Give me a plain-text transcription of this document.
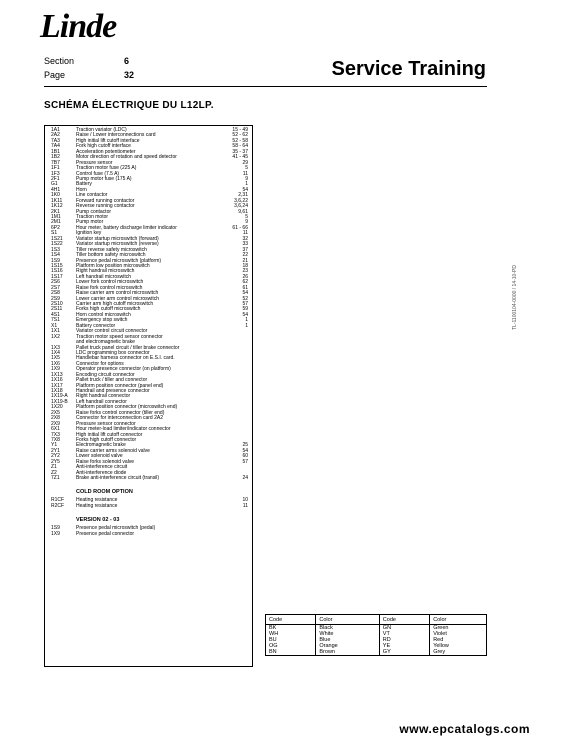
Linde
Section	6
Page	32	Service Training
SCHÉMA ÉLECTRIQUE DU L12LP.
1A1	Traction variator (LDC)	15 - 49
2A2	Raise / Lower interconnections card	52 - 62
7A3	High initial lift cutoff interface	52 - 58
7A4	Fork high cutoff interface	58 - 64
1B1	Acceleration potentiometer	35 - 37
1B2	Motor direction of rotation and speed detector	41 - 45
7B7	Pressure sensor	29
1F1	Traction motor fuse (225 A)	5
1F3	Control fuse (7.5 A)	11
2F1	Pump motor fuse (175 A)	9
G1	Battery	1
4H1	Horn	54
1K0	Line contactor	2,31
1K11	Forward running contactor	3,6,22
1K12	Reverse running contactor	3,6,24
2K1	Pump contactor	9,61
1M1	Traction motor	5
2M1	Pump motor	9
6P2	Hour meter, battery discharge limiter indicator	61 - 66
S1	Ignition key	11
1S21	Variator startup microswitch (forward)	32
1S22	Variator startup microswitch (reverse)	33
1S3	Tiller reverse safety microswitch	37
1S4	Tiller bottom safety microswitch	22
1S9	Presence pedal microswitch (platform)	21
1S15	Platform low position microswitch	18
1S16	Right handrail microswitch	23
1S17	Left handrail microswitch	26
2S6	Lower fork control microswitch	62
2S7	Raise fork control microswitch	61
2S8	Raise carrier arm control microswitch	54
2S9	Lower carrier arm control microswitch	52
2S10	Carrier arm high cutoff microswitch	57
2S11	Forks high cutoff microswitch	59
4S1	Horn control microswitch	54
7S1	Emergency stop switch	1
X1	Battery connector	1
1X1	Variator control circuit connector
1X2	Traction motor speed sensor connector
and electromagnetic brake
1X3	Pallet truck panel circuit / tiller brake connector
1X4	LDC programming box connector
1X5	Handlebar harness connector on E.S.I. card.
1X6	Connector for options
1X9	Operator presence connector (on platform)
1X13	Encoding circuit connector
1X16	Pallet truck / tiller and connector
1X17	Platform position connector (panel end)
1X18	Handrail and presence connector
1X19-A Right handrail connector
1X19-B Left handrail connector
1X20	Platform position connector (microswitch end)
2X5	Raise forks control connector (tiller end)
2X8	Connector for interconnection card 2A2
2X9	Pressure sensor connector
6X1	Hour meter-load limiter/indicator connector
7X3	High initial lift cutoff connector
7X8	Forks high cutoff connector
Y1	Electromagnetic brake	25
2Y1	Raise carrier arms solenoid valve	54
2Y2	Lower solenoid valve	60
2Y5	Raise forks solenoid valve	57
Z1	Anti-interference circuit
Z2	Anti-interference diode
7Z1	Brake anti-interference circuit (transil)	24
COLD ROOM OPTION
R1CF Heating resistance	10
R2CF Heating resistance	11
VERSION 02 - 03
1S9	Presence pedal microswitch (pedal)
1X9	Presence pedal connector
TL-1100104-0000 / 14-10-PD
Code	Color	Code	Color
BK	Black	GN	Green
WH	White	VT	Violet
BU	Blue	RD	Red
OG	Orange	YE	Yellow
BN	Brown	GY	Grey
www.epcatalogs.com
